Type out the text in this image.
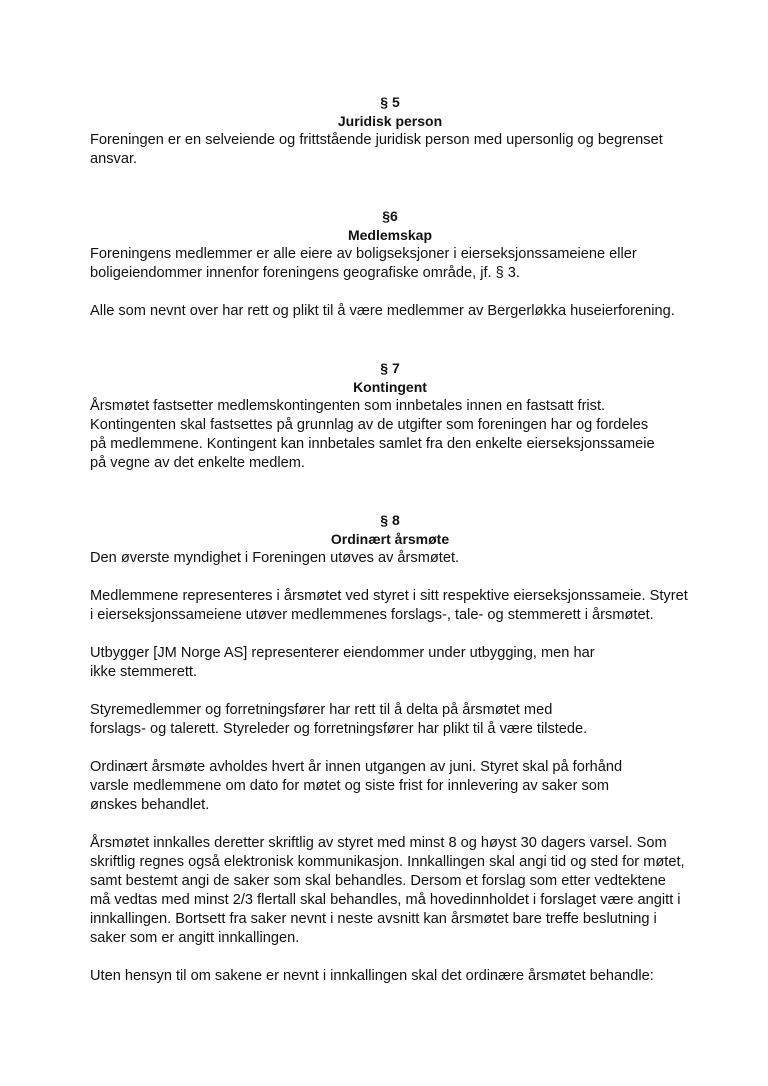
§ 5
Juridisk person

Foreningen er en selveiende og frittstående juridisk person med upersonlig og begrenset
ansvar.

§6
Medlemskap

Foreningens medlemmer er alle eiere av boligseksjoner i eierseksjonssameiene eller
boligeiendommer innenfor foreningens geografiske område, jf. § 3.

Alle som nevnt over har rett og plikt til å være medlemmer av Bergerløkka huseierforening.

§ 7
Kontingent

Årsmøtet fastsetter medlemskontingenten som innbetales innen en fastsatt frist.
Kontingenten skal fastsettes på grunnlag av de utgifter som foreningen har og fordeles
på medlemmene. Kontingent kan innbetales samlet fra den enkelte eierseksjonssameie
på vegne av det enkelte medlem.

§ 8
Ordinært årsmøte

Den øverste myndighet i Foreningen utøves av årsmøtet.

Medlemmene representeres i årsmøtet ved styret i sitt respektive eierseksjonssameie. Styret
i eierseksjonssameiene utøver medlemmenes forslags-, tale- og stemmerett i årsmøtet.

Utbygger [JM Norge AS] representerer eiendommer under utbygging, men har
ikke stemmerett.

Styremedlemmer og forretningsfører har rett til å delta på årsmøtet med
forslags- og talerett. Styreleder og forretningsfører har plikt til å være tilstede.

Ordinært årsmøte avholdes hvert år innen utgangen av juni. Styret skal på forhånd
varsle medlemmene om dato for møtet og siste frist for innlevering av saker som
ønskes behandlet.

Årsmøtet innkalles deretter skriftlig av styret med minst 8 og høyst 30 dagers varsel. Som
skriftlig regnes også elektronisk kommunikasjon. Innkallingen skal angi tid og sted for møtet,
samt bestemt angi de saker som skal behandles. Dersom et forslag som etter vedtektene
må vedtas med minst 2/3 flertall skal behandles, må hovedinnholdet i forslaget være angitt i
innkallingen. Bortsett fra saker nevnt i neste avsnitt kan årsmøtet bare treffe beslutning i
saker som er angitt innkallingen.

Uten hensyn til om sakene er nevnt i innkallingen skal det ordinære årsmøtet behandle:
